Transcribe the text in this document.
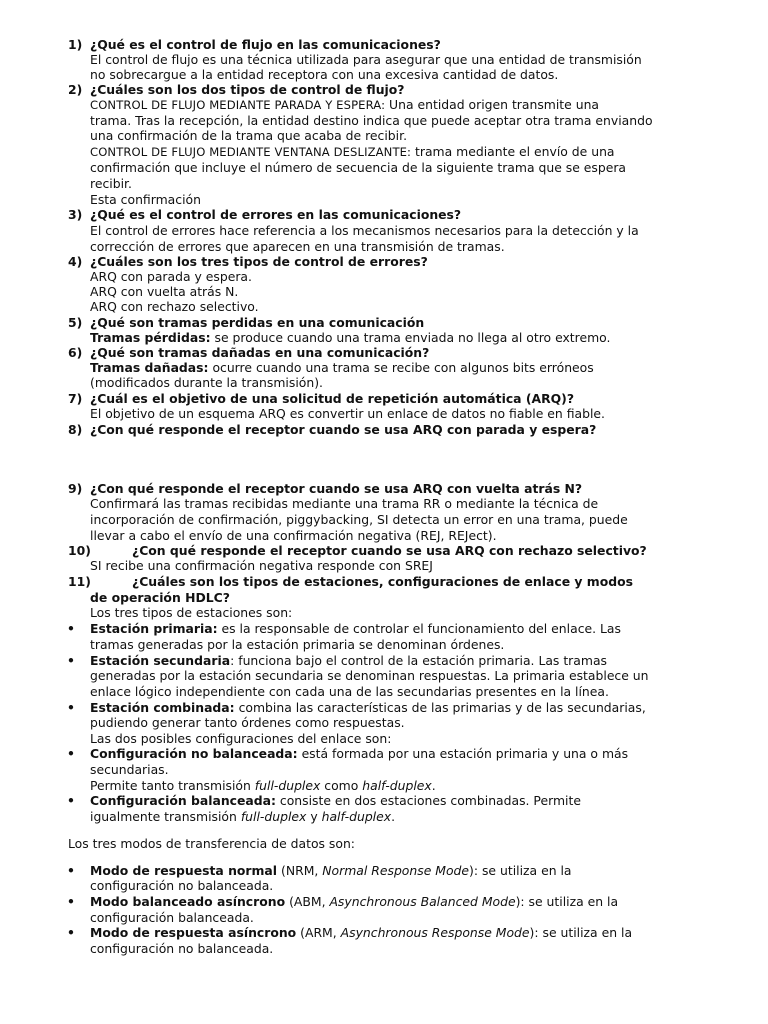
1) ¿Qué es el control de flujo en las comunicaciones?
El control de flujo es una técnica utilizada para asegurar que una entidad de transmisión
no sobrecargue a la entidad receptora con una excesiva cantidad de datos.
2) ¿Cuáles son los dos tipos de control de flujo?
CONTROL DE FLUJO MEDIANTE PARADA Y ESPERA: Una entidad origen transmite una
trama. Tras la recepción, la entidad destino indica que puede aceptar otra trama enviando
una confirmación de la trama que acaba de recibir.
CONTROL DE FLUJO MEDIANTE VENTANA DESLIZANTE: trama mediante el envío de una
confirmación que incluye el número de secuencia de la siguiente trama que se espera
recibir.
Esta confirmación
3) ¿Qué es el control de errores en las comunicaciones?
El control de errores hace referencia a los mecanismos necesarios para la detección y la
corrección de errores que aparecen en una transmisión de tramas.
4) ¿Cuáles son los tres tipos de control de errores?
ARQ con parada y espera.
ARQ con vuelta atrás N.
ARQ con rechazo selectivo.
5) ¿Qué son tramas perdidas en una comunicación
Tramas pérdidas: se produce cuando una trama enviada no llega al otro extremo.
6) ¿Qué son tramas dañadas en una comunicación?
Tramas dañadas: ocurre cuando una trama se recibe con algunos bits erróneos
(modificados durante la transmisión).
7) ¿Cuál es el objetivo de una solicitud de repetición automática (ARQ)?
El objetivo de un esquema ARQ es convertir un enlace de datos no fiable en fiable.
8) ¿Con qué responde el receptor cuando se usa ARQ con parada y espera?
9) ¿Con qué responde el receptor cuando se usa ARQ con vuelta atrás N?
Confirmará las tramas recibidas mediante una trama RR o mediante la técnica de
incorporación de confirmación, piggybacking, SI detecta un error en una trama, puede
llevar a cabo el envío de una confirmación negativa (REJ, REJect).
10)	¿Con qué responde el receptor cuando se usa ARQ con rechazo selectivo?
SI recibe una confirmación negativa responde con SREJ
11)	¿Cuáles son los tipos de estaciones, configuraciones de enlace y modos
de operación HDLC?
Los tres tipos de estaciones son:
• Estación primaria: es la responsable de controlar el funcionamiento del enlace. Las
tramas generadas por la estación primaria se denominan órdenes.
• Estación secundaria: funciona bajo el control de la estación primaria. Las tramas
generadas por la estación secundaria se denominan respuestas. La primaria establece un
enlace lógico independiente con cada una de las secundarias presentes en la línea.
• Estación combinada: combina las características de las primarias y de las secundarias,
pudiendo generar tanto órdenes como respuestas.
Las dos posibles configuraciones del enlace son:
• Configuración no balanceada: está formada por una estación primaria y una o más
secundarias.
Permite tanto transmisión full-duplex como half-duplex.
• Configuración balanceada: consiste en dos estaciones combinadas. Permite
igualmente transmisión full-duplex y half-duplex.
Los tres modos de transferencia de datos son:
• Modo de respuesta normal (NRM, Normal Response Mode): se utiliza en la
configuración no balanceada.
• Modo balanceado asíncrono (ABM, Asynchronous Balanced Mode): se utiliza en la
configuración balanceada.
• Modo de respuesta asíncrono (ARM, Asynchronous Response Mode): se utiliza en la
configuración no balanceada.
